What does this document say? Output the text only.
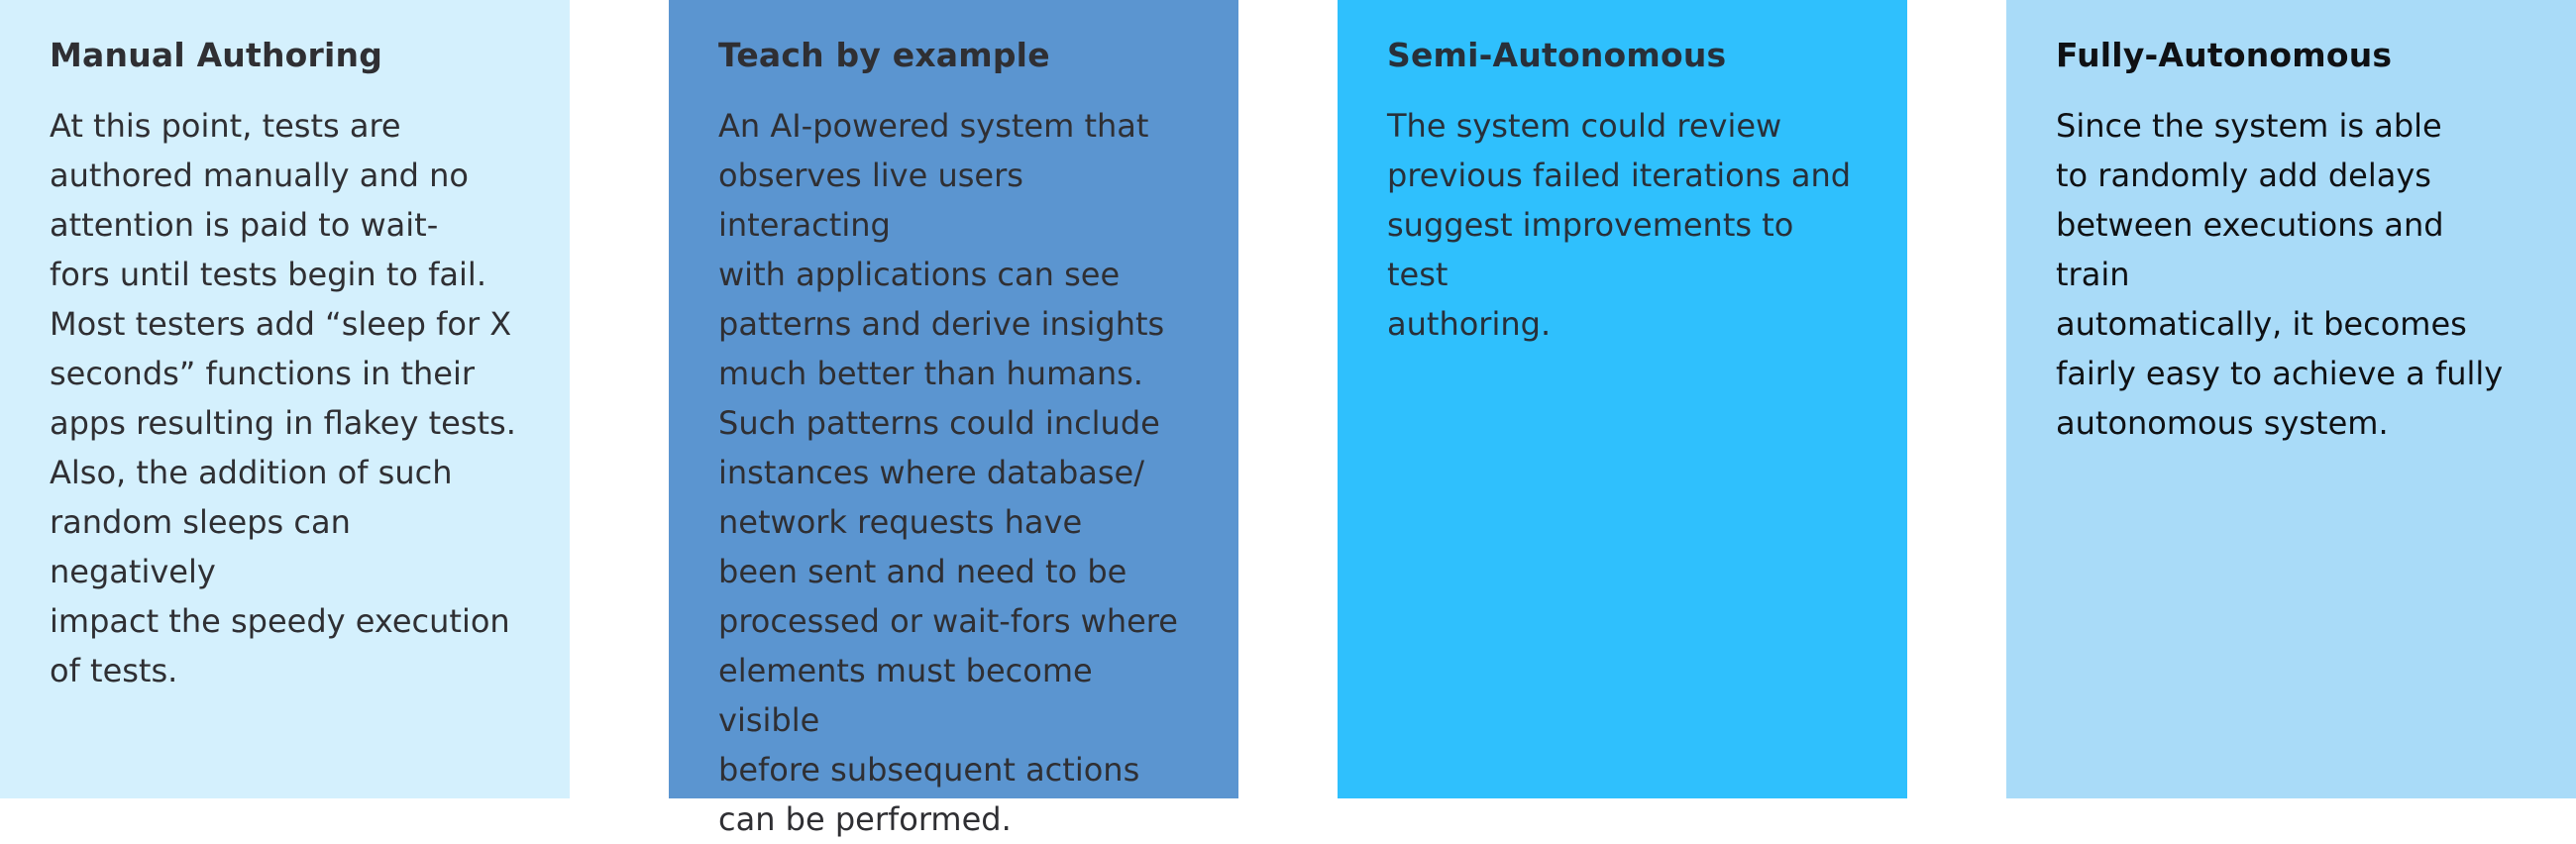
Manual Authoring

At this point, tests are
authored manually and no
attention is paid to wait-
fors until tests begin to fail.
Most testers add “sleep for X
seconds” functions in their
apps resulting in flakey tests.
Also, the addition of such
random sleeps can negatively
impact the speedy execution
of tests.

Teach by example

An AI-powered system that
observes live users interacting
with applications can see
patterns and derive insights
much better than humans.
Such patterns could include
instances where database/
network requests have
been sent and need to be
processed or wait-fors where
elements must become visible
before subsequent actions
can be performed.

Semi-Autonomous

The system could review
previous failed iterations and
suggest improvements to test
authoring.

Fully-Autonomous

Since the system is able
to randomly add delays
between executions and train
automatically, it becomes
fairly easy to achieve a fully
autonomous system.
